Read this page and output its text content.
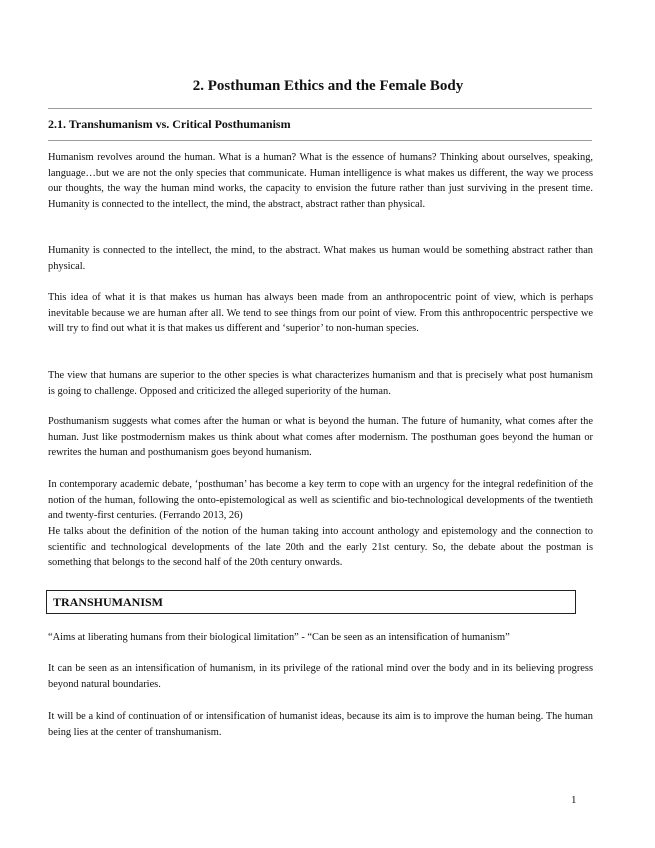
2. Posthuman Ethics and the Female Body
2.1. Transhumanism vs. Critical Posthumanism

Humanism revolves around the human. What is a human? What is the essence of humans? Thinking about ourselves, speaking, language…but we are not the only species that communicate. Human intelligence is what makes us different, the way we process our thoughts, the way the human mind works, the capacity to envision the future rather than just surviving in the present time. Humanity is connected to the intellect, the mind, the abstract, abstract rather than physical.

Humanity is connected to the intellect, the mind, to the abstract. What makes us human would be something abstract rather than physical.

This idea of what it is that makes us human has always been made from an anthropocentric point of view, which is perhaps inevitable because we are human after all. We tend to see things from our point of view. From this anthropocentric perspective we will try to find out what it is that makes us different and ‘superior’ to non-human species.

The view that humans are superior to the other species is what characterizes humanism and that is precisely what post humanism is going to challenge. Opposed and criticized the alleged superiority of the human.

Posthumanism suggests what comes after the human or what is beyond the human. The future of humanity, what comes after the human. Just like postmodernism makes us think about what comes after modernism. The posthuman goes beyond the human or rewrites the human and posthumanism goes beyond humanism.

In contemporary academic debate, ‘posthuman’ has become a key term to cope with an urgency for the integral redefinition of the notion of the human, following the onto-epistemological as well as scientific and bio-technological developments of the twentieth and twenty-first centuries. (Ferrando 2013, 26)

He talks about the definition of the notion of the human taking into account anthology and epistemology and the connection to scientific and technological developments of the late 20th and the early 21st century. So, the debate about the postman is something that belongs to the second half of the 20th century onwards.

TRANSHUMANISM

“Aims at liberating humans from their biological limitation” - “Can be seen as an intensification of humanism”

It can be seen as an intensification of humanism, in its privilege of the rational mind over the body and in its believing progress beyond natural boundaries.

It will be a kind of continuation of or intensification of humanist ideas, because its aim is to improve the human being. The human being lies at the center of transhumanism.

1
